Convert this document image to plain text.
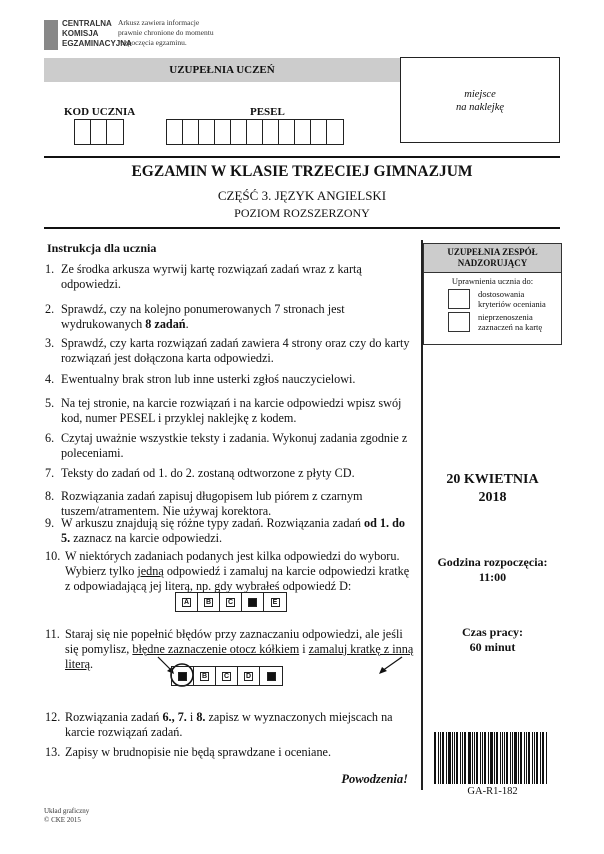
CENTRALNA
KOMISJA
EGZAMINACYJNA
Arkusz zawiera informacje
prawnie chronione do momentu
rozpoczęcia egzaminu.
UZUPEŁNIA UCZEŃ
miejsce
na naklejkę
KOD UCZNIA	PESEL
EGZAMIN W KLASIE TRZECIEJ GIMNAZJUM
CZĘŚĆ 3. JĘZYK ANGIELSKI
POZIOM ROZSZERZONY
Instrukcja dla ucznia
1. Ze środka arkusza wyrwij kartę rozwiązań zadań wraz z kartą odpowiedzi.
2. Sprawdź, czy na kolejno ponumerowanych 7 stronach jest wydrukowanych 8 zadań.
3. Sprawdź, czy karta rozwiązań zadań zawiera 4 strony oraz czy do karty rozwiązań jest dołączona karta odpowiedzi.
4. Ewentualny brak stron lub inne usterki zgłoś nauczycielowi.
5. Na tej stronie, na karcie rozwiązań i na karcie odpowiedzi wpisz swój kod, numer PESEL i przyklej naklejkę z kodem.
6. Czytaj uważnie wszystkie teksty i zadania. Wykonuj zadania zgodnie z poleceniami.
7. Teksty do zadań od 1. do 2. zostaną odtworzone z płyty CD.
8. Rozwiązania zadań zapisuj długopisem lub piórem z czarnym tuszem/atramentem. Nie używaj korektora.
9. W arkuszu znajdują się różne typy zadań. Rozwiązania zadań od 1. do 5. zaznacz na karcie odpowiedzi.
10. W niektórych zadaniach podanych jest kilka odpowiedzi do wyboru. Wybierz tylko jedną odpowiedź i zamaluj na karcie odpowiedzi kratkę z odpowiadającą jej literą, np. gdy wybrałeś odpowiedź D:
A B C	E
11. Staraj się nie popełnić błędów przy zaznaczaniu odpowiedzi, ale jeśli się pomylisz, błędne zaznaczenie otocz kółkiem i zamaluj kratkę z inną literą.
B C D
12. Rozwiązania zadań 6., 7. i 8. zapisz w wyznaczonych miejscach na karcie rozwiązań zadań.
13. Zapisy w brudnopisie nie będą sprawdzane i oceniane.
Powodzenia!
UZUPEŁNIA ZESPÓŁ
NADZORUJĄCY
Uprawnienia ucznia do:
dostosowania
kryteriów oceniania
nieprzenoszenia
zaznaczeń na kartę
20 KWIETNIA
2018
Godzina rozpoczęcia:
11:00
Czas pracy:
60 minut
GA-R1-182
Układ graficzny
© CKE 2015
